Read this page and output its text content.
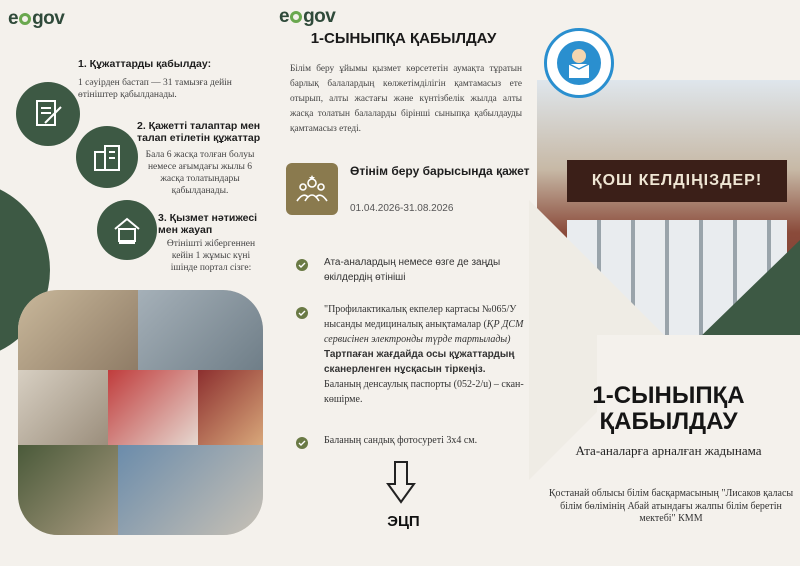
e gov
1. Құжаттарды қабылдау:
1 сәуірден бастап — 31 тамызға дейін өтініштер қабылданады.
2. Қажетті талаптар мен талап етілетін құжаттар
Бала 6 жасқа толған болуы немесе ағымдағы жылы 6 жасқа толатындары қабылданады.
3. Қызмет нәтижесі мен жауап
Өтінішті жібергеннен кейін 1 жұмыс күні ішінде портал сізге:
e gov
1-СЫНЫПҚА ҚАБЫЛДАУ
Білім беру ұйымы қызмет көрсететін аумақта тұратын барлық балалардың көлжетімділігін қамтамасыз ете отырып, алты жастағы және күнтізбелік жылда алты жасқа толатын балаларды бірінші сыныпқа қабылдауды қамтамасыз етеді.
Өтінім беру барысында қажет
01.04.2026-31.08.2026
Ата-аналардың немесе өзге де заңды өкілдердің өтініші
"Профилактикалық екпелер картасы №065/У нысанды медициналық анықтамалар (ҚР ДСМ сервисінен электронды түрде тартылады)
Тартпаған жағдайда осы құжаттардың сканерленген нұсқасын тіркеңіз.
Баланың денсаулық паспорты (052-2/u) – скан-көшірме.
Баланың сандық фотосуреті 3х4 см.
ЭЦП
ҚОШ КЕЛДІҢІЗДЕР!
1-СЫНЫПҚА ҚАБЫЛДАУ
Ата-аналарға арналған жадынама
Қостанай облысы білім басқармасының "Лисаков қаласы білім бөлімінің Абай атындағы жалпы білім беретін мектебі" КММ
